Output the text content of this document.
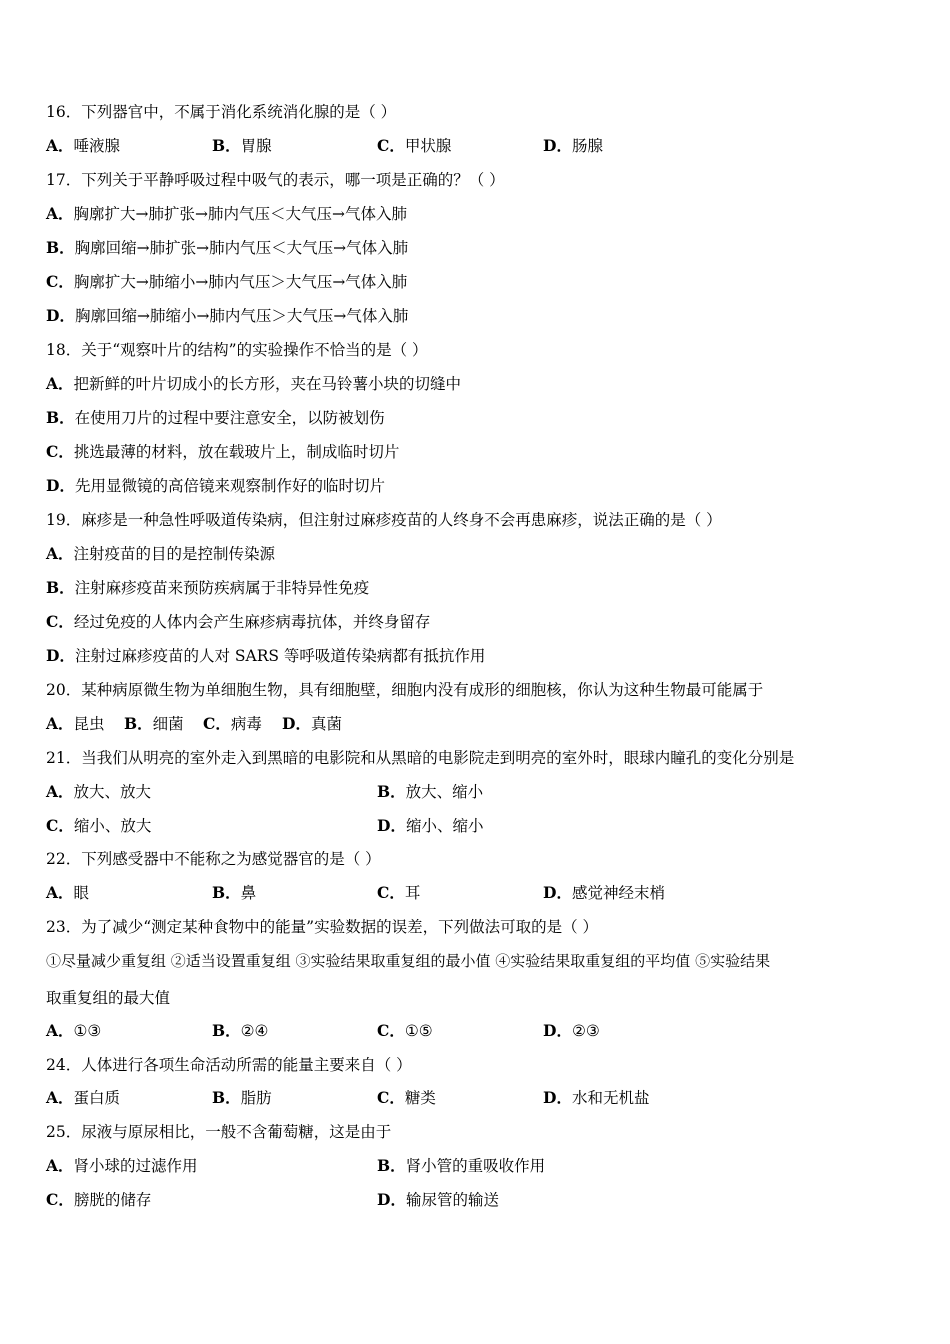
16．下列器官中，不属于消化系统消化腺的是（ ）
A．唾液腺	B．胃腺	C．甲状腺	D．肠腺
17．下列关于平静呼吸过程中吸气的表示，哪一项是正确的？（ ）
A．胸廓扩大→肺扩张→肺内气压＜大气压→气体入肺
B．胸廓回缩→肺扩张→肺内气压＜大气压→气体入肺
C．胸廓扩大→肺缩小→肺内气压＞大气压→气体入肺
D．胸廓回缩→肺缩小→肺内气压＞大气压→气体入肺
18．关于“观察叶片的结构”的实验操作不恰当的是（ ）
A．把新鲜的叶片切成小的长方形，夹在马铃薯小块的切缝中
B．在使用刀片的过程中要注意安全，以防被划伤
C．挑选最薄的材料，放在载玻片上，制成临时切片
D．先用显微镜的高倍镜来观察制作好的临时切片
19．麻疹是一种急性呼吸道传染病，但注射过麻疹疫苗的人终身不会再患麻疹，说法正确的是（ ）
A．注射疫苗的目的是控制传染源
B．注射麻疹疫苗来预防疾病属于非特异性免疫
C．经过免疫的人体内会产生麻疹病毒抗体，并终身留存
D．注射过麻疹疫苗的人对 SARS 等呼吸道传染病都有抵抗作用
20．某种病原微生物为单细胞生物，具有细胞壁，细胞内没有成形的细胞核，你认为这种生物最可能属于
A．昆虫 B．细菌 C．病毒 D．真菌
21．当我们从明亮的室外走入到黑暗的电影院和从黑暗的电影院走到明亮的室外时，眼球内瞳孔的变化分别是
A．放大、放大	B．放大、缩小
C．缩小、放大	D．缩小、缩小
22．下列感受器中不能称之为感觉器官的是（ ）
A．眼	B．鼻	C．耳	D．感觉神经末梢
23．为了减少“测定某种食物中的能量”实验数据的误差，下列做法可取的是（ ）
①尽量减少重复组 ②适当设置重复组 ③实验结果取重复组的最小值 ④实验结果取重复组的平均值 ⑤实验结果
取重复组的最大值
A．①③	B．②④	C．①⑤	D．②③
24．人体进行各项生命活动所需的能量主要来自（ ）
A．蛋白质	B．脂肪	C．糖类	D．水和无机盐
25．尿液与原尿相比，一般不含葡萄糖，这是由于
A．肾小球的过滤作用	B．肾小管的重吸收作用
C．膀胱的储存	D．输尿管的输送
